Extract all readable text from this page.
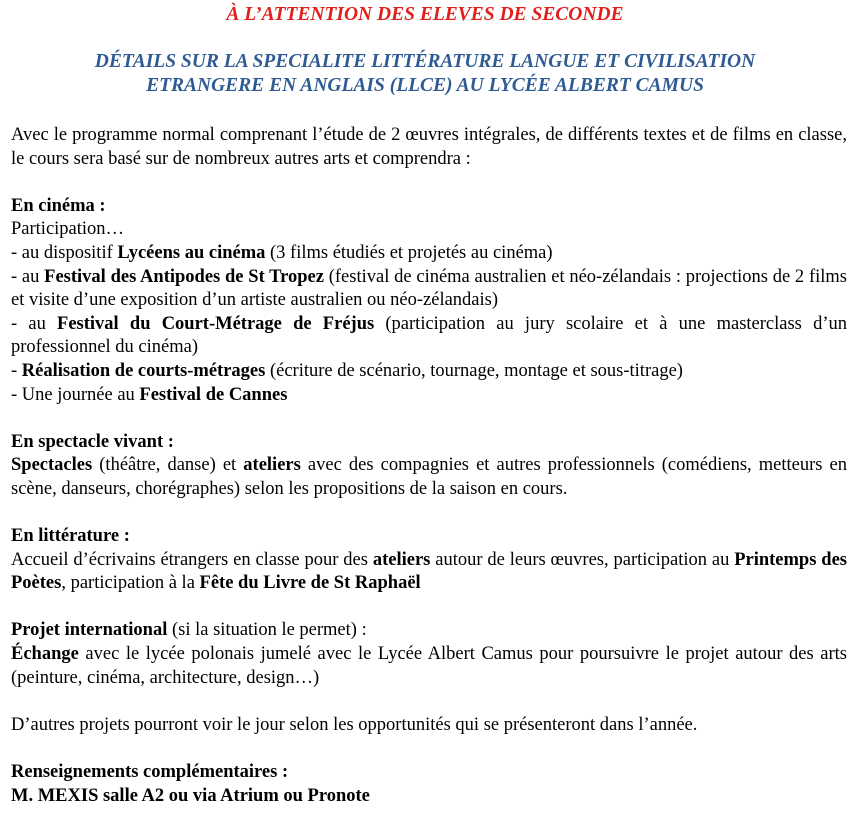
À L’ATTENTION DES ELEVES DE SECONDE

DÉTAILS SUR LA SPECIALITE LITTÉRATURE LANGUE ET CIVILISATION

ETRANGERE EN ANGLAIS (LLCE) AU LYCÉE ALBERT CAMUS

Avec le programme normal comprenant l’étude de 2 œuvres intégrales, de différents textes et de films en classe, le cours sera basé sur de nombreux autres arts et comprendra :

En cinéma :

Participation…

- au dispositif Lycéens au cinéma (3 films étudiés et projetés au cinéma)

- au Festival des Antipodes de St Tropez (festival de cinéma australien et néo-zélandais : projections de 2 films et visite d’une exposition d’un artiste australien ou néo-zélandais)

- au Festival du Court-Métrage de Fréjus (participation au jury scolaire et à une masterclass d’un professionnel du cinéma)

- Réalisation de courts-métrages (écriture de scénario, tournage, montage et sous-titrage)

- Une journée au Festival de Cannes

En spectacle vivant :

Spectacles (théâtre, danse) et ateliers avec des compagnies et autres professionnels (comédiens, metteurs en scène, danseurs, chorégraphes) selon les propositions de la saison en cours.

En littérature :

Accueil d’écrivains étrangers en classe pour des ateliers autour de leurs œuvres, participation au Printemps des Poètes, participation à la Fête du Livre de St Raphaël

Projet international (si la situation le permet) :

Échange avec le lycée polonais jumelé avec le Lycée Albert Camus pour poursuivre le projet autour des arts (peinture, cinéma, architecture, design…)

D’autres projets pourront voir le jour selon les opportunités qui se présenteront dans l’année.

Renseignements complémentaires :

M. MEXIS salle A2 ou via Atrium ou Pronote
